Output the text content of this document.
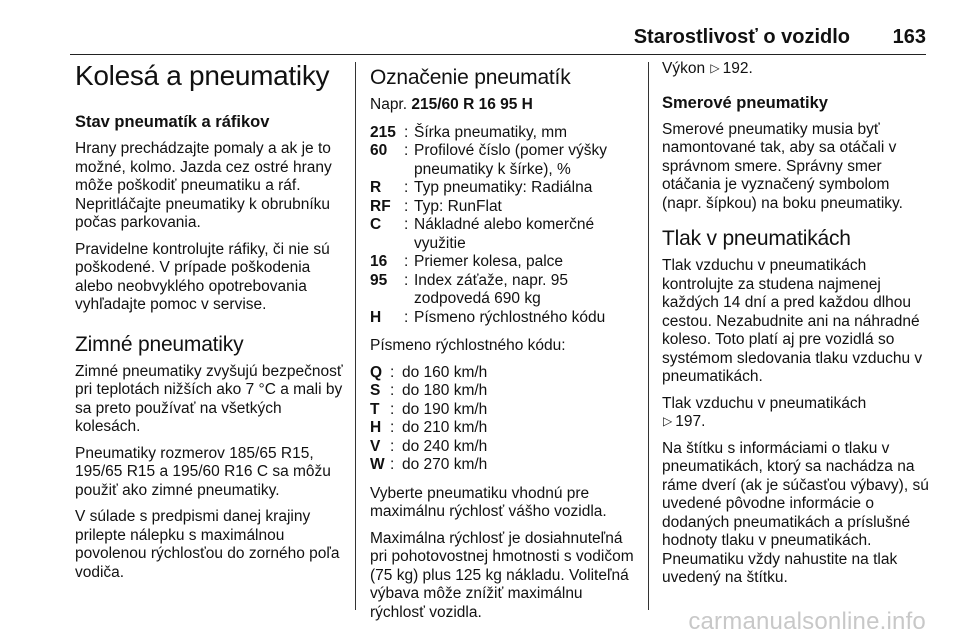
Starostlivosť o vozidlo 163
Kolesá a pneumatiky
Stav pneumatík a ráfikov

Hrany prechádzajte pomaly a ak je to možné, kolmo. Jazda cez ostré hrany môže poškodiť pneumatiku a ráf. Nepritláčajte pneumatiky k obrubníku počas parkovania.

Pravidelne kontrolujte ráfiky, či nie sú poškodené. V prípade poškodenia alebo neobvyklého opotrebovania vyhľadajte pomoc v servise.

Zimné pneumatiky

Zimné pneumatiky zvyšujú bezpečnosť pri teplotách nižších ako 7 °C a mali by sa preto používať na všetkých kolesách.

Pneumatiky rozmerov 185/65 R15, 195/65 R15 a 195/60 R16 C sa môžu použiť ako zimné pneumatiky.

V súlade s predpismi danej krajiny prilepte nálepku s maximálnou povolenou rýchlosťou do zorného poľa vodiča.

Označenie pneumatík
Napr. 215/60 R 16 95 H
215 : Šírka pneumatiky, mm
60	: Profilové číslo (pomer výšky pneumatiky k šírke), %
R	: Typ pneumatiky: Radiálna
RF : Typ: RunFlat
C	: Nákladné alebo komerčné využitie
16	: Priemer kolesa, palce
95	: Index záťaže, napr. 95 zodpovedá 690 kg
H	: Písmeno rýchlostného kódu

Písmeno rýchlostného kódu:

Q : do 160 km/h
S : do 180 km/h
T : do 190 km/h
H : do 210 km/h
V : do 240 km/h
W : do 270 km/h

Vyberte pneumatiku vhodnú pre maximálnu rýchlosť vášho vozidla.

Maximálna rýchlosť je dosiahnuteľná pri pohotovostnej hmotnosti s vodičom (75 kg) plus 125 kg nákladu. Voliteľná výbava môže znížiť maximálnu rýchlosť vozidla.

Výkon ▷ 192.

Smerové pneumatiky

Smerové pneumatiky musia byť namontované tak, aby sa otáčali v správnom smere. Správny smer otáčania je vyznačený symbolom (napr. šípkou) na boku pneumatiky.

Tlak v pneumatikách

Tlak vzduchu v pneumatikách kontrolujte za studena najmenej každých 14 dní a pred každou dlhou cestou. Nezabudnite ani na náhradné koleso. Toto platí aj pre vozidlá so systémom sledovania tlaku vzduchu v pneumatikách.

Tlak vzduchu v pneumatikách
▷ 197.

Na štítku s informáciami o tlaku v pneumatikách, ktorý sa nachádza na ráme dverí (ak je súčasťou výbavy), sú uvedené pôvodne informácie o dodaných pneumatikách a príslušné hodnoty tlaku v pneumatikách. Pneumatiku vždy nahustite na tlak uvedený na štítku.

carmanualsonline.info
